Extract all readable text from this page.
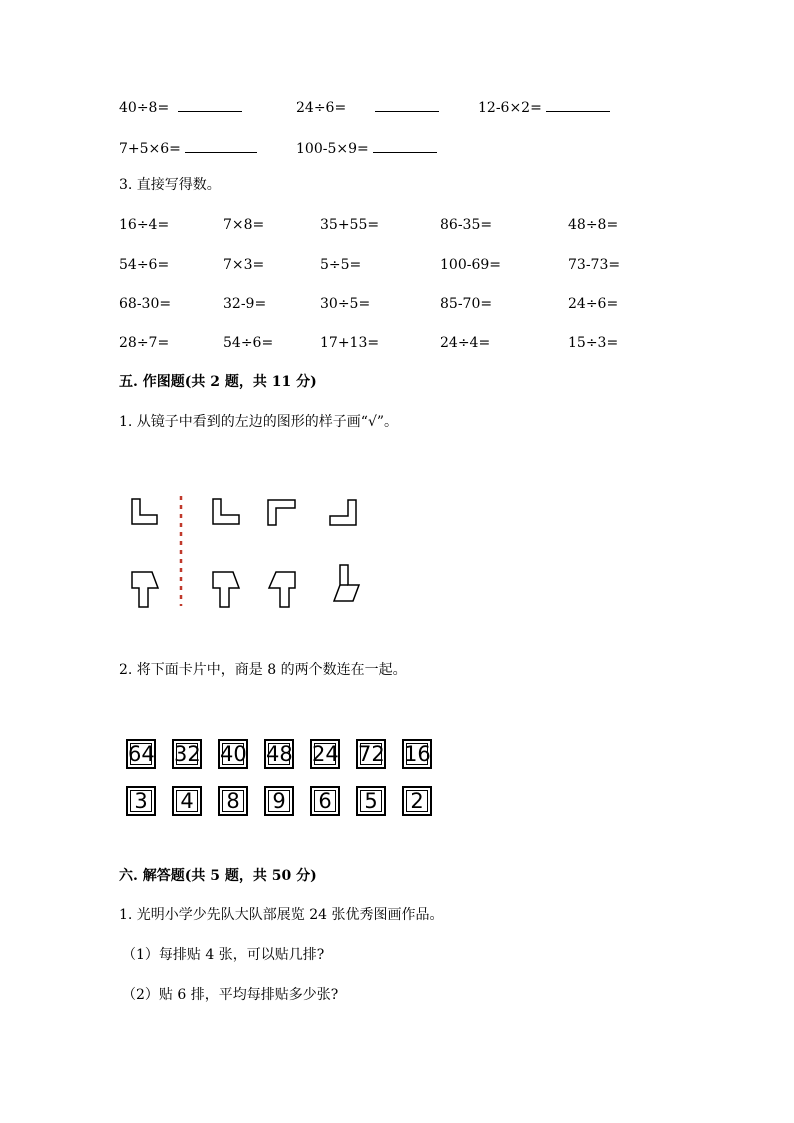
40÷8=	24÷6=	12-6×2=
7+5×6=	100-5×9=
3. 直接写得数。
16÷4=	7×8=	35+55=	86-35=	48÷8=
54÷6=	7×3=	5÷5=	100-69=	73-73=
68-30=	32-9=	30÷5=	85-70=	24÷6=
28÷7=	54÷6=	17+13=	24÷4=	15÷3=
五. 作图题(共 2 题，共 11 分)
1. 从镜子中看到的左边的图形的样子画“√”。
2. 将下面卡片中，商是 8 的两个数连在一起。
64 32 40 48 24 72 16
3	4	8	9	6	5	2
六. 解答题(共 5 题，共 50 分)
1. 光明小学少先队大队部展览 24 张优秀图画作品。
（1）每排贴 4 张，可以贴几排?
（2）贴 6 排，平均每排贴多少张?
